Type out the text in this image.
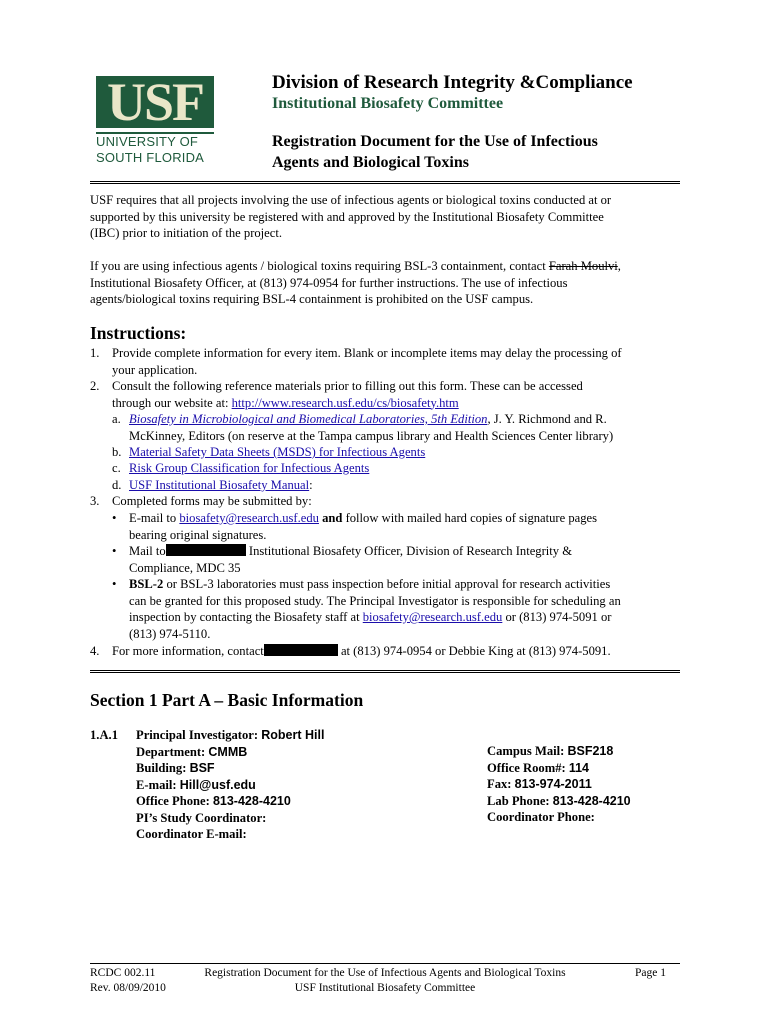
USF
UNIVERSITY OF
SOUTH FLORIDA
Division of Research Integrity &Compliance
Institutional Biosafety Committee
Registration Document for the Use of Infectious
Agents and Biological Toxins
USF requires that all projects involving the use of infectious agents or biological toxins conducted at or
supported by this university be registered with and approved by the Institutional Biosafety Committee
(IBC) prior to initiation of the project.
If you are using infectious agents / biological toxins requiring BSL-3 containment, contact Farah Moulvi,
Institutional Biosafety Officer, at (813) 974-0954 for further instructions. The use of infectious
agents/biological toxins requiring BSL-4 containment is prohibited on the USF campus.
Instructions:
1. Provide complete information for every item. Blank or incomplete items may delay the processing of
your application.
2. Consult the following reference materials prior to filling out this form. These can be accessed
through our website at: http://www.research.usf.edu/cs/biosafety.htm
a. Biosafety in Microbiological and Biomedical Laboratories, 5th Edition, J. Y. Richmond and R.
McKinney, Editors (on reserve at the Tampa campus library and Health Sciences Center library)
b. Material Safety Data Sheets (MSDS) for Infectious Agents
c. Risk Group Classification for Infectious Agents
d. USF Institutional Biosafety Manual:
3. Completed forms may be submitted by:
• E-mail to biosafety@research.usf.edu and follow with mailed hard copies of signature pages
bearing original signatures.
• Mail to	Institutional Biosafety Officer, Division of Research Integrity &
Compliance, MDC 35
• BSL-2 or BSL-3 laboratories must pass inspection before initial approval for research activities
can be granted for this proposed study. The Principal Investigator is responsible for scheduling an
inspection by contacting the Biosafety staff at biosafety@research.usf.edu or (813) 974-5091 or
(813) 974-5110.
4. For more information, contact	at (813) 974-0954 or Debbie King at (813) 974-5091.
Section 1 Part A – Basic Information
1.A.1 Principal Investigator: Robert Hill
Department: CMMB
Building: BSF
E-mail: Hill@usf.edu
Office Phone: 813-428-4210
PI’s Study Coordinator:
Coordinator E-mail:
Campus Mail: BSF218
Office Room#: 114
Fax: 813-974-2011
Lab Phone: 813-428-4210
Coordinator Phone:
RCDC 002.11
Rev. 08/09/2010
Registration Document for the Use of Infectious Agents and Biological Toxins
USF Institutional Biosafety Committee
Page 1
